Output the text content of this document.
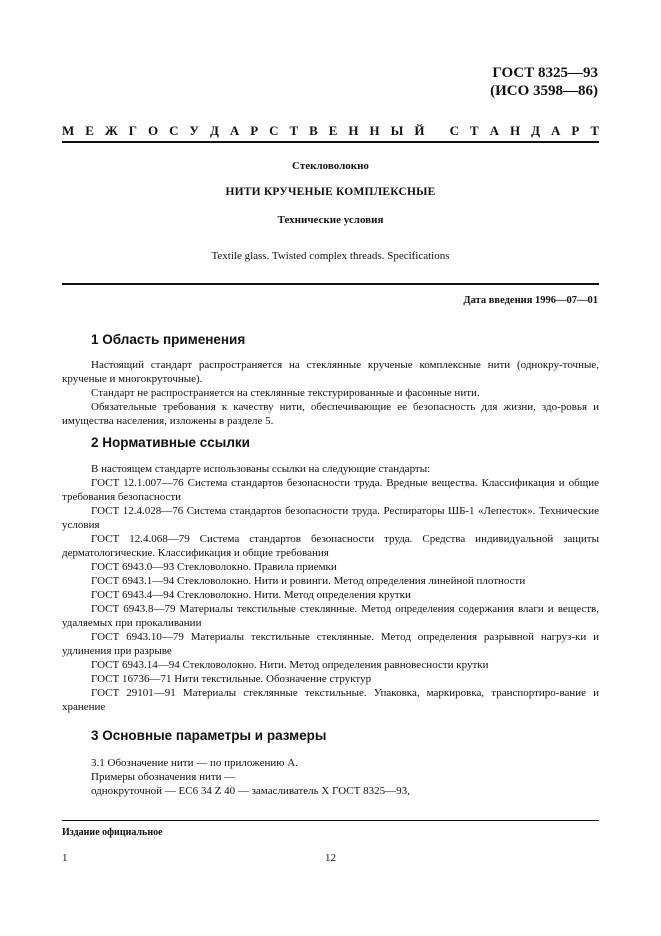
ГОСТ 8325—93
(ИСО 3598—86)
М Е Ж Г О С У Д А Р С Т В Е Н Н Ы Й
С Т А Н Д А Р Т
Стекловолокно
НИТИ КРУЧЕНЫЕ КОМПЛЕКСНЫЕ
Технические условия
Textile glass. Twisted complex threads. Specifications
Дата введения 1996—07—01
1 Область применения

Настоящий стандарт распространяется на стеклянные крученые комплексные нити (однокру-точные, крученые и многокруточные).

Стандарт не распространяется на стеклянные текстурированные и фасонные нити.

Обязательные требования к качеству нити, обеспечивающие ее безопасность для жизни, здо-ровья и имущества населения, изложены в разделе 5.

2 Нормативные ссылки

В настоящем стандарте использованы ссылки на следующие стандарты:

ГОСТ 12.1.007—76 Система стандартов безопасности труда. Вредные вещества. Классификация и общие требования безопасности

ГОСТ 12.4.028—76 Система стандартов безопасности труда. Респираторы ШБ-1 «Лепесток». Технические условия

ГОСТ 12.4.068—79 Система стандартов безопасности труда. Средства индивидуальной защиты дерматологические. Классификация и общие требования

ГОСТ 6943.0—93 Стекловолокно. Правила приемки

ГОСТ 6943.1—94 Стекловолокно. Нити и ровинги. Метод определения линейной плотности

ГОСТ 6943.4—94 Стекловолокно. Нити. Метод определения крутки

ГОСТ 6943.8—79 Материалы текстильные стеклянные. Метод определения содержания влаги и веществ, удаляемых при прокаливании

ГОСТ 6943.10—79 Материалы текстильные стеклянные. Метод определения разрывной нагруз-ки и удлинения при разрыве

ГОСТ 6943.14—94 Стекловолокно. Нити. Метод определения равновесности крутки

ГОСТ 16736—71 Нити текстильные. Обозначение структур

ГОСТ 29101—91 Материалы стеклянные текстильные. Упаковка, маркировка, транспортиро-вание и хранение

3 Основные параметры и размеры

3.1 Обозначение нити — по приложению А.

Примеры обозначения нити —

однокруточной — ЕС6 34 Z 40 — замасливатель X ГОСТ 8325—93,

Издание официальное
1	12
